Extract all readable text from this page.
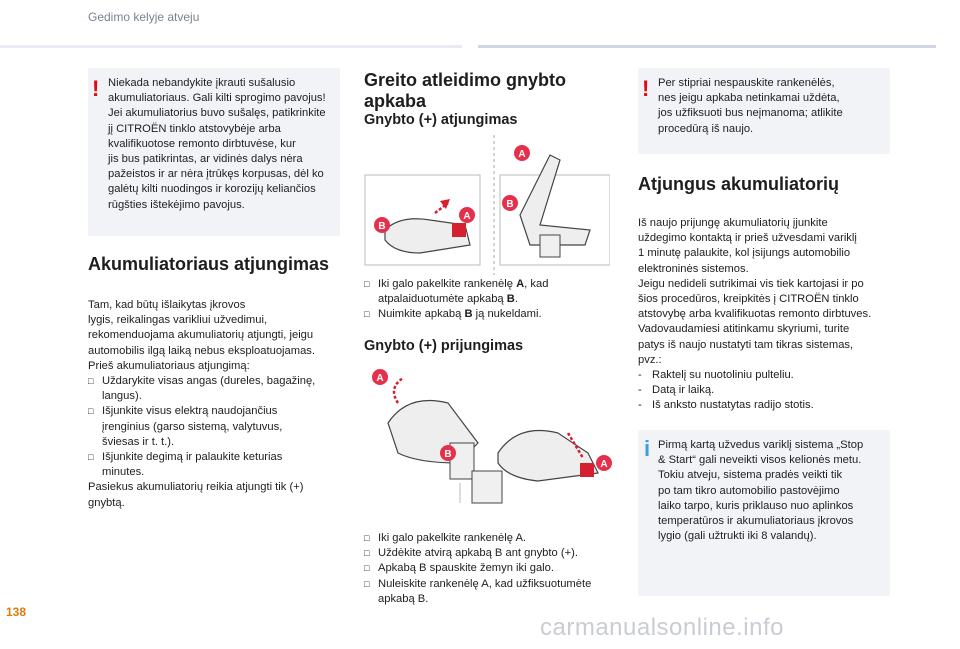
Gedimo kelyje atveju
! Niekada nebandykite įkrauti sušalusio
akumuliatoriaus. Gali kilti sprogimo pavojus!
Jei akumuliatorius buvo sušalęs, patikrinkite
jį CITROËN tinklo atstovybėje arba
kvalifikuotose remonto dirbtuvėse, kur
jis bus patikrintas, ar vidinės dalys nėra
pažeistos ir ar nėra įtrūkęs korpusas, dėl ko
galėtų kilti nuodingos ir korozijų keliančios
rūgšties ištekėjimo pavojus.
Akumuliatoriaus atjungimas
Tam, kad būtų išlaikytas įkrovos
lygis, reikalingas varikliui užvedimui,
rekomenduojama akumuliatorių atjungti, jeigu
automobilis ilgą laiką nebus eksploatuojamas.
Prieš akumuliatoriaus atjungimą:
□ Uždarykite visas angas (dureles, bagažinę,
langus).
□ Išjunkite visus elektrą naudojančius
įrenginius (garso sistemą, valytuvus,
šviesas ir t. t.).
□ Išjunkite degimą ir palaukite keturias
minutes.
Pasiekus akumuliatorių reikia atjungti tik (+)
gnybtą.
Greito atleidimo gnybto
apkaba
Gnybto (+) atjungimas
B
A
A
B
□ Iki galo pakelkite rankenėlę A, kad
atpalaiduotumėte apkabą B.
□ Nuimkite apkabą B ją nukeldami.
Gnybto (+) prijungimas
A
B
A
□ Iki galo pakelkite rankenėlę A.
□ Uždėkite atvirą apkabą B ant gnybto (+).
□ Apkabą B spauskite žemyn iki galo.
□ Nuleiskite rankenėlę A, kad užfiksuotumėte
apkabą B.
! Per stipriai nespauskite rankenėlės,
nes jeigu apkaba netinkamai uždėta,
jos užfiksuoti bus neįmanoma; atlikite
procedūrą iš naujo.
Atjungus akumuliatorių
Iš naujo prijungę akumuliatorių įjunkite
uždegimo kontaktą ir prieš užvesdami variklį
1 minutę palaukite, kol įsijungs automobilio
elektroninės sistemos.
Jeigu nedideli sutrikimai vis tiek kartojasi ir po
šios procedūros, kreipkitės į CITROËN tinklo
atstovybę arba kvalifikuotas remonto dirbtuves.
Vadovaudamiesi atitinkamu skyriumi, turite
patys iš naujo nustatyti tam tikras sistemas,
pvz.:
- Raktelį su nuotoliniu pulteliu.
- Datą ir laiką.
- Iš anksto nustatytas radijo stotis.
i Pirmą kartą užvedus variklį sistema „Stop
& Start“ gali neveikti visos kelionės metu.
Tokiu atveju, sistema pradės veikti tik
po tam tikro automobilio pastovėjimo
laiko tarpo, kuris priklauso nuo aplinkos
temperatūros ir akumuliatoriaus įkrovos
lygio (gali užtrukti iki 8 valandų).
138
carmanualsonline.info
